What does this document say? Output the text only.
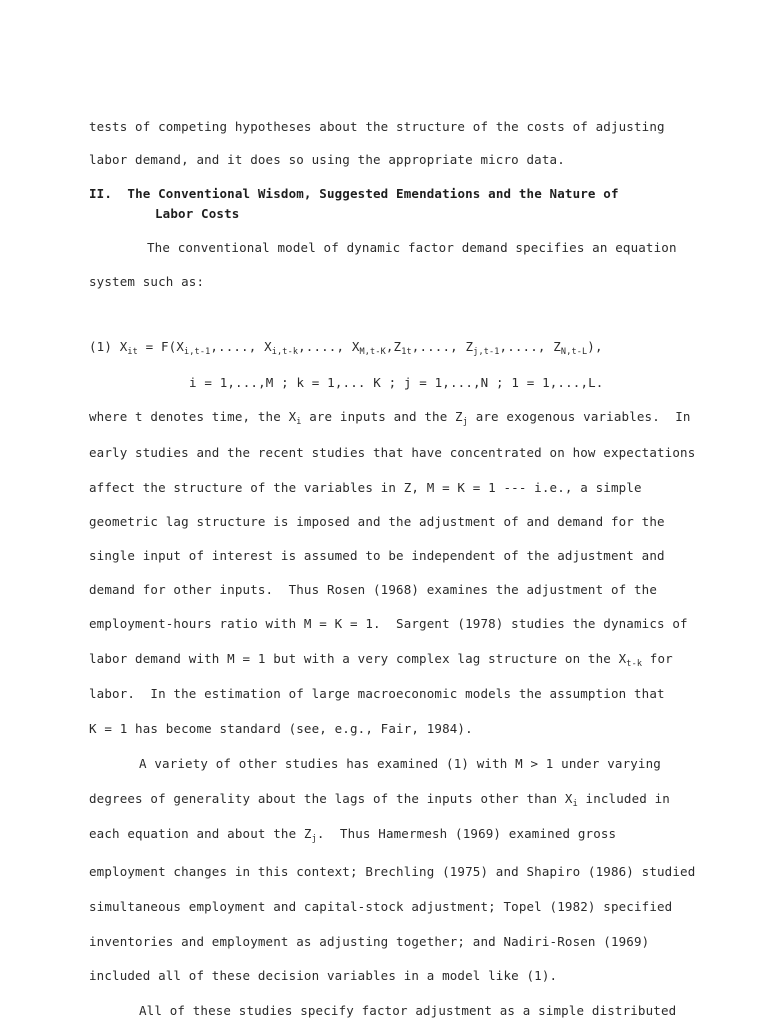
tests of competing hypotheses about the structure of the costs of adjusting
labor demand, and it does so using the appropriate micro data.
II. The Conventional Wisdom, Suggested Emendations and the Nature of
Labor Costs
The conventional model of dynamic factor demand specifies an equation
system such as:
(1) $X_{it} = F(X_{i,t-1}$,...., $X_{i,t-k}$,...., $X_{M,t-K},Z_{1t}$,...., $Z_{j,t-1}$,...., $Z_{N,t-L}$),
i = 1,...,M ; k = 1,... K ; j = 1,...,N ; 1 = 1,...,L.
where t denotes time, the $X_i$ are inputs and the $Z_j$ are exogenous variables.  In
early studies and the recent studies that have concentrated on how expectations
affect the structure of the variables in Z, M = K = 1 --- i.e., a simple
geometric lag structure is imposed and the adjustment of and demand for the
single input of interest is assumed to be independent of the adjustment and
demand for other inputs.  Thus Rosen (1968) examines the adjustment of the
employment-hours ratio with M = K = 1.  Sargent (1978) studies the dynamics of
labor demand with M = 1 but with a very complex lag structure on the $X_{t-k}$ for
labor.  In the estimation of large macroeconomic models the assumption that
K = 1 has become standard (see, e.g., Fair, 1984).
A variety of other studies has examined (1) with M > 1 under varying
degrees of generality about the lags of the inputs other than $X_i$ included in
each equation and about the $Z_j$.  Thus Hamermesh (1969) examined gross
employment changes in this context; Brechling (1975) and Shapiro (1986) studied
simultaneous employment and capital-stock adjustment; Topel (1982) specified
inventories and employment as adjusting together; and Nadiri-Rosen (1969)
included all of these decision variables in a model like (1).
All of these studies specify factor adjustment as a simple distributed
